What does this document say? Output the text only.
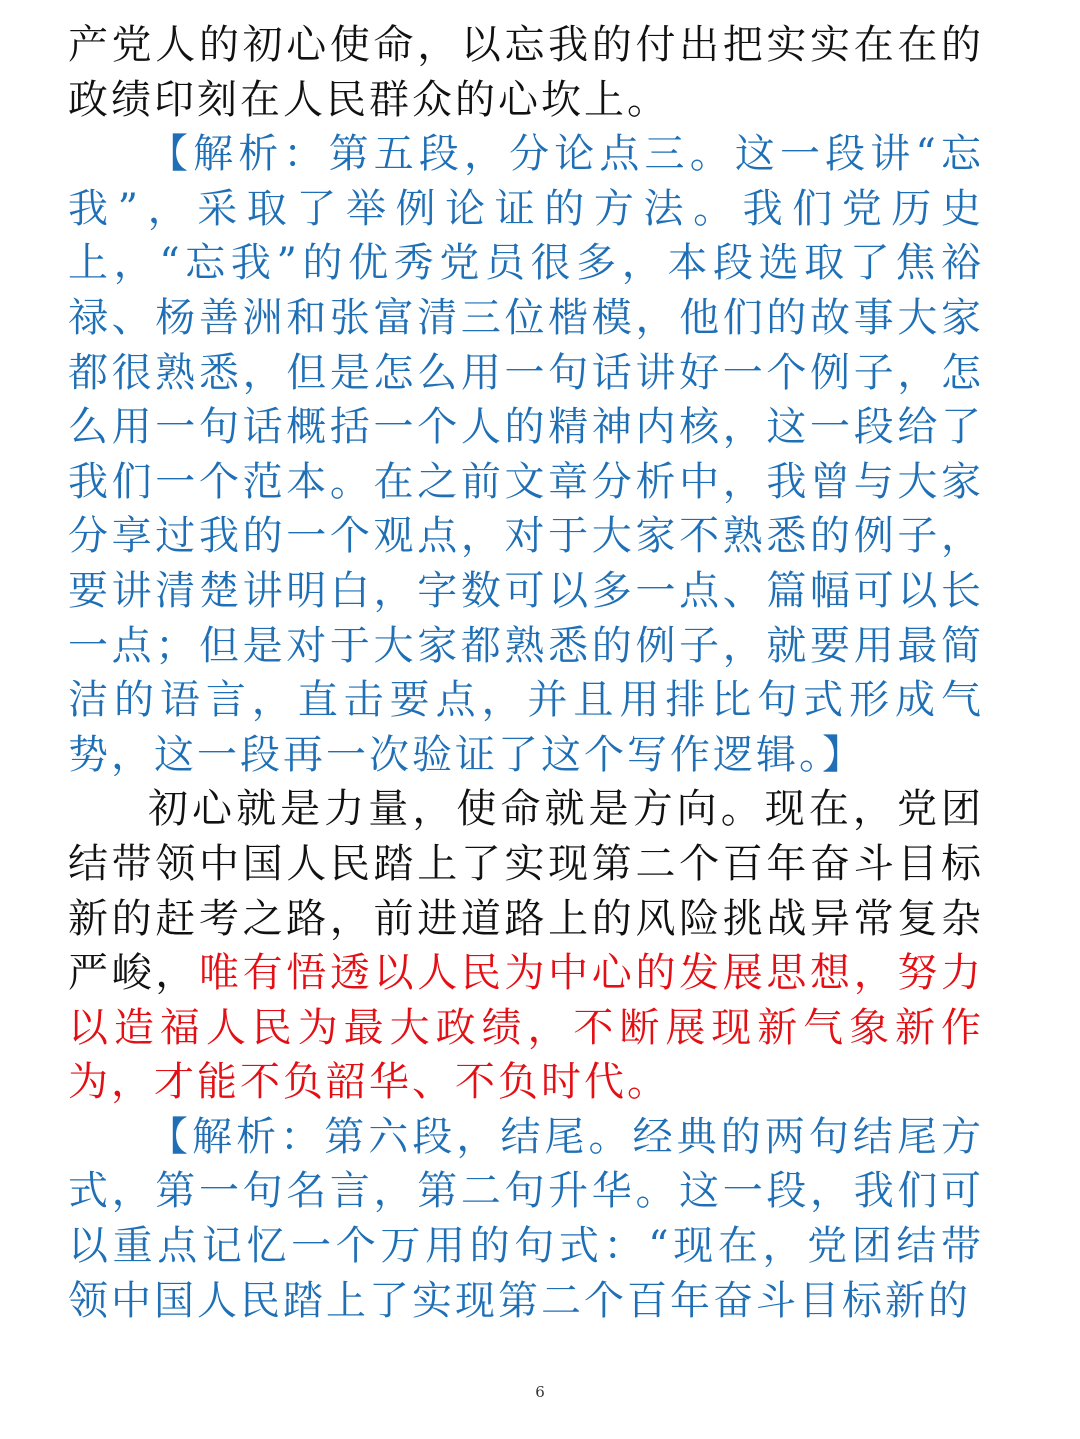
产党人的初心使命，以忘我的付出把实实在在的政绩印刻在人民群众的心坎上。

【解析：第五段，分论点三。这一段讲“忘我”，采取了举例论证的方法。我们党历史上，“忘我”的优秀党员很多，本段选取了焦裕禄、杨善洲和张富清三位楷模，他们的故事大家都很熟悉，但是怎么用一句话讲好一个例子，怎么用一句话概括一个人的精神内核，这一段给了我们一个范本。在之前文章分析中，我曾与大家分享过我的一个观点，对于大家不熟悉的例子，要讲清楚讲明白，字数可以多一点、篇幅可以长一点；但是对于大家都熟悉的例子，就要用最简洁的语言，直击要点，并且用排比句式形成气势，这一段再一次验证了这个写作逻辑。】

初心就是力量，使命就是方向。现在，党团结带领中国人民踏上了实现第二个百年奋斗目标新的赶考之路，前进道路上的风险挑战异常复杂严峻，唯有悟透以人民为中心的发展思想，努力以造福人民为最大政绩，不断展现新气象新作为，才能不负韶华、不负时代。

【解析：第六段，结尾。经典的两句结尾方式，第一句名言，第二句升华。这一段，我们可以重点记忆一个万用的句式：“现在，党团结带领中国人民踏上了实现第二个百年奋斗目标新的

6
